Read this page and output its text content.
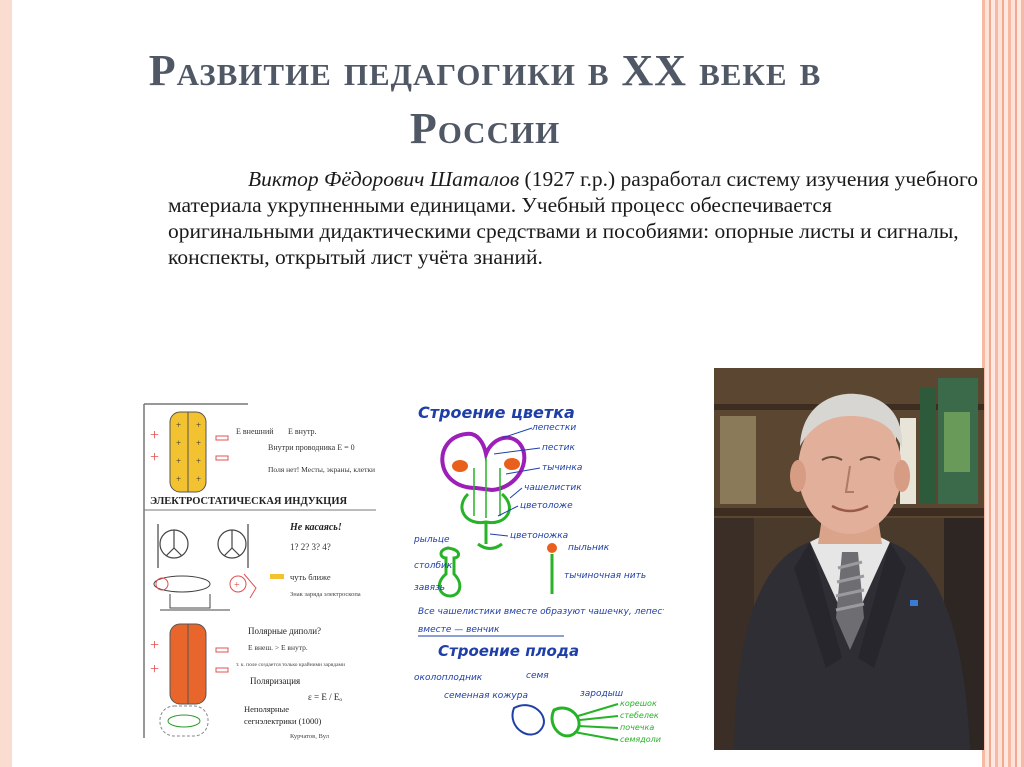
Развитие педагогики в XX веке в
России
Виктор Фёдорович Шаталов (1927 г.р.) разработал систему изучения учебного материала укрупненными единицами. Учебный процесс обеспечивается оригинальными дидактическими средствами и пособиями: опорные листы и сигналы, конспекты, открытый лист учёта знаний.
+
+
+
+
+
+
+
+
+
+
E внешний E внутр.
Внутри проводника E = 0
Поля нет! Месты, экраны, клетки
ЭЛЕКТРОСТАТИЧЕСКАЯ ИНДУКЦИЯ
Не касаясь!
1? 2? 3? 4?
+
чуть ближе
Знак заряда электроскопа
+
+
Полярные диполи?
E внеш. > E внутр.
т. к. поле создается только крайними зарядами
Поляризация
ε = E / Eₒ
Неполярные
сегнэлектрики (1000)
Курчатов, Вул
Строение цветка
лепестки
пестик
тычинка
чашелистик
цветоложе
цветоножка
рыльце
пыльник
столбик
тычиночная нить
завязь
Все чашелистики вместе образуют чашечку, лепестки
вместе — венчик
Строение плода
околоплодник	семя
семенная кожура	зародыш
корешок
стебелек
почечка
семядоли
